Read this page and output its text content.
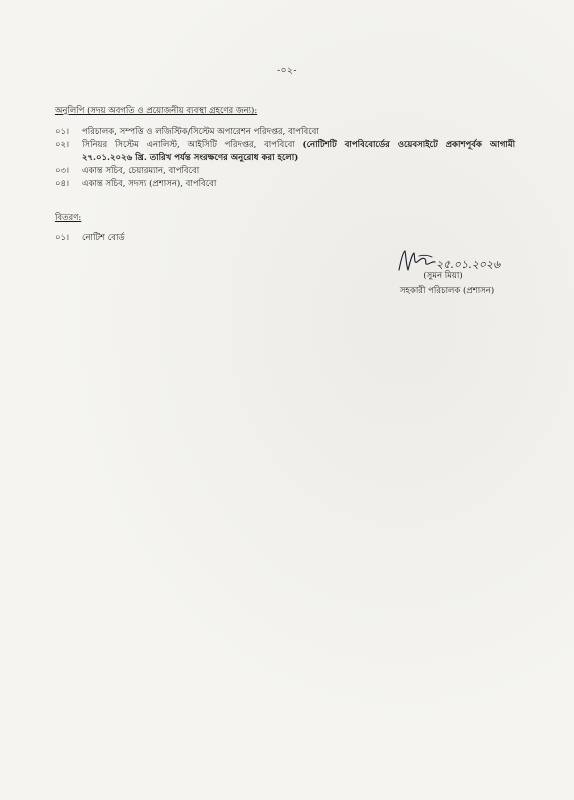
-০২-
অনুলিপি (সদয় অবগতি ও প্রয়োজনীয় ব্যবস্থা গ্রহণের জন্য):
০১।	পরিচালক, সম্পত্তি ও লজিস্টিক/সিস্টেম অপারেশন পরিদপ্তর, বাপবিবো
০২।	সিনিয়র সিস্টেম এনালিস্ট, আইসিটি পরিদপ্তর, বাপবিবো (নোটিশটি বাপবিবোর্ডের ওয়েবসাইটে প্রকাশপূর্বক আগামী ২৭.০১.২০২৬ খ্রি. তারিখ পর্যন্ত সংরক্ষণের অনুরোধ করা হলো)
০৩।	একান্ত সচিব, চেয়ারম্যান, বাপবিবো
০৪।	একান্ত সচিব, সদস্য (প্রশাসন), বাপবিবো
বিতরণ:
০১।	নোটিশ বোর্ড
২৫.০১.২০২৬
(সুমন মিয়া)
সহকারী পরিচালক (প্রশাসন)
